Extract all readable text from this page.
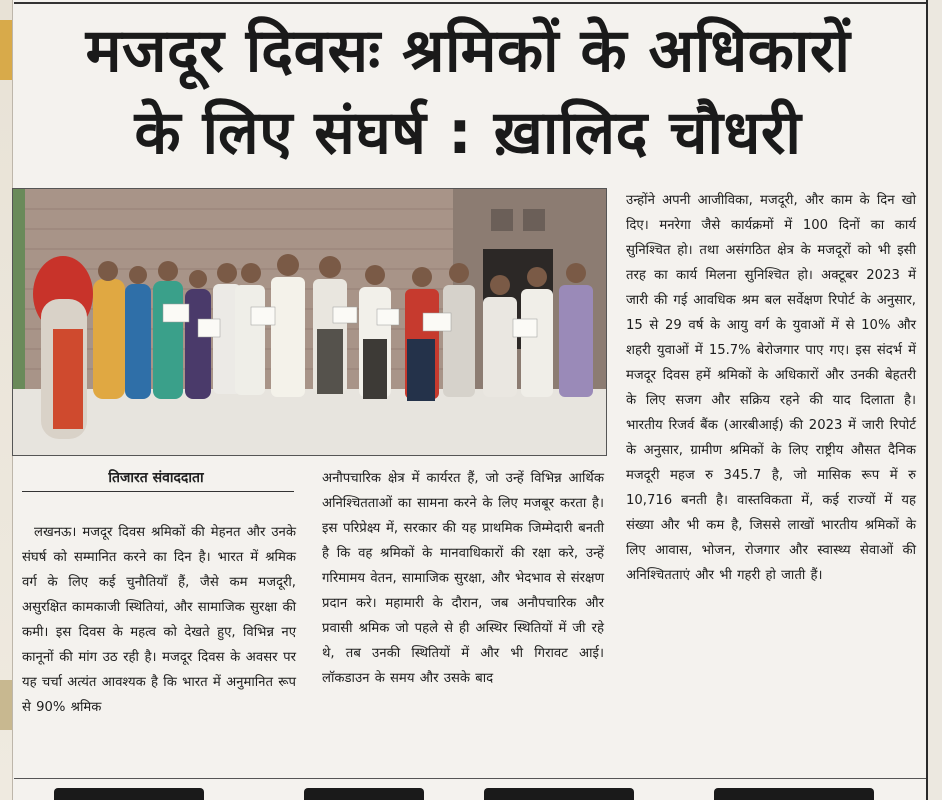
मजदूर दिवसः श्रमिकों के अधिकारों
के लिए संघर्ष : ख़ालिद चौधरी
तिजारत संवाददाता
लखनऊ। मजदूर दिवस श्रमिकों की मेहनत और उनके संघर्ष को सम्मानित करने का दिन है। भारत में श्रमिक वर्ग के लिए कई चुनौतियाँ हैं, जैसे कम मजदूरी, असुरक्षित कामकाजी स्थितियां, और सामाजिक सुरक्षा की कमी। इस दिवस के महत्व को देखते हुए, विभिन्न नए कानूनों की मांग उठ रही है। मजदूर दिवस के अवसर पर यह चर्चा अत्यंत आवश्यक है कि भारत में अनुमानित रूप से 90% श्रमिक
अनौपचारिक क्षेत्र में कार्यरत हैं, जो उन्हें विभिन्न आर्थिक अनिश्चितताओं का सामना करने के लिए मजबूर करता है। इस परिप्रेक्ष्य में, सरकार की यह प्राथमिक जिम्मेदारी बनती है कि वह श्रमिकों के मानवाधिकारों की रक्षा करे, उन्हें गरिमामय वेतन, सामाजिक सुरक्षा, और भेदभाव से संरक्षण प्रदान करे। महामारी के दौरान, जब अनौपचारिक और प्रवासी श्रमिक जो पहले से ही अस्थिर स्थितियों में जी रहे थे, तब उनकी स्थितियों में और भी गिरावट आई। लॉकडाउन के समय और उसके बाद
उन्होंने अपनी आजीविका, मजदूरी, और काम के दिन खो दिए। मनरेगा जैसे कार्यक्रमों में 100 दिनों का कार्य सुनिश्चित हो। तथा असंगठित क्षेत्र के मजदूरों को भी इसी तरह का कार्य मिलना सुनिश्चित हो। अक्टूबर 2023 में जारी की गई आवधिक श्रम बल सर्वेक्षण रिपोर्ट के अनुसार, 15 से 29 वर्ष के आयु वर्ग के युवाओं में से 10% और शहरी युवाओं में 15.7% बेरोजगार पाए गए। इस संदर्भ में मजदूर दिवस हमें श्रमिकों के अधिकारों और उनकी बेहतरी के लिए सजग और सक्रिय रहने की याद दिलाता है। भारतीय रिजर्व बैंक (आरबीआई) की 2023 में जारी रिपोर्ट के अनुसार, ग्रामीण श्रमिकों के लिए राष्ट्रीय औसत दैनिक मजदूरी महज रु 345.7 है, जो मासिक रूप में रु 10,716 बनती है। वास्तविकता में, कई राज्यों में यह संख्या और भी कम है, जिससे लाखों भारतीय श्रमिकों के लिए आवास, भोजन, रोजगार और स्वास्थ्य सेवाओं की अनिश्चितताएं और भी गहरी हो जाती हैं।
